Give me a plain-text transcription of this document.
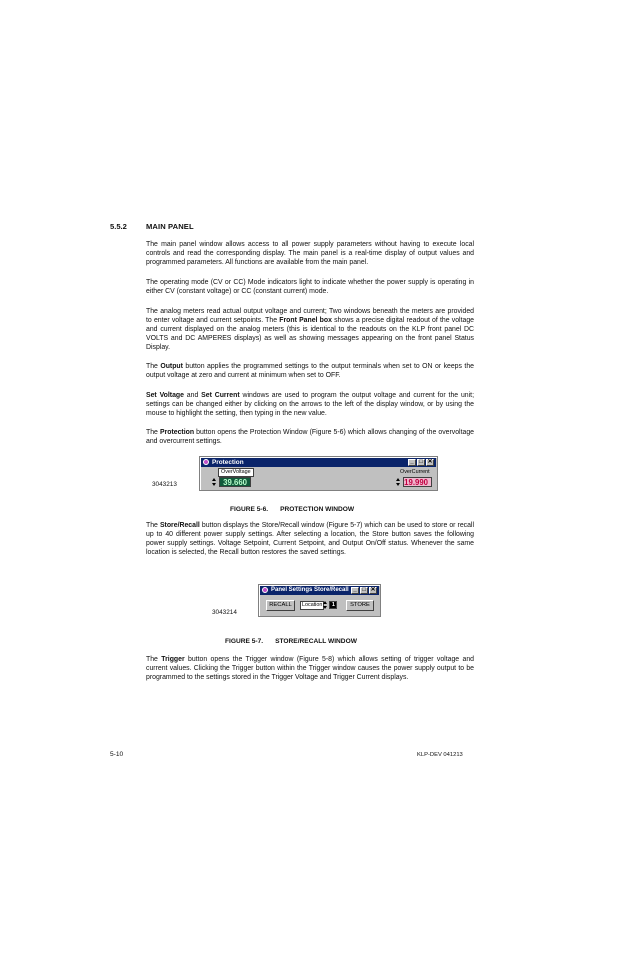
5.5.2	MAIN PANEL

The main panel window allows access to all power supply parameters without having to execute local controls and read the corresponding display. The main panel is a real-time display of output values and programmed parameters. All functions are available from the main panel.

The operating mode (CV or CC) Mode indicators light to indicate whether the power supply is operating in either CV (constant voltage) or CC (constant current) mode.

The analog meters read actual output voltage and current; Two windows beneath the meters are provided to enter voltage and current setpoints. The Front Panel box shows a precise digital readout of the voltage and current displayed on the analog meters (this is identical to the readouts on the KLP front panel DC VOLTS and DC AMPERES displays) as well as showing messages appearing on the front panel Status Display.

The Output button applies the programmed settings to the output terminals when set to ON or keeps the output voltage at zero and current at minimum when set to OFF.

Set Voltage and Set Current windows are used to program the output voltage and current for the unit; settings can be changed either by clicking on the arrows to the left of the display window, or by using the mouse to highlight the setting, then typing in the new value.

The Protection button opens the Protection Window (Figure 5-6) which allows changing of the overvoltage and overcurrent settings.

3043213
Protection	_ □ ✕
OverVoltage
39.660
OverCurrent
19.990
FIGURE 5-6. PROTECTION WINDOW

The Store/Recall button displays the Store/Recall window (Figure 5-7) which can be used to store or recall up to 40 different power supply settings. After selecting a location, the Store button saves the following power supply settings. Voltage Setpoint, Current Setpoint, and Output On/Off status. Whenever the same location is selected, the Recall button restores the saved settings.

Panel Settings Store/Recall _ □ ✕
RECALL	Location	1	STORE
3043214
FIGURE 5-7. STORE/RECALL WINDOW

The Trigger button opens the Trigger window (Figure 5-8) which allows setting of trigger voltage and current values. Clicking the Trigger button within the Trigger window causes the power supply output to be programmed to the settings stored in the Trigger Voltage and Trigger Current displays.

5-10	KLP-DEV 041213
